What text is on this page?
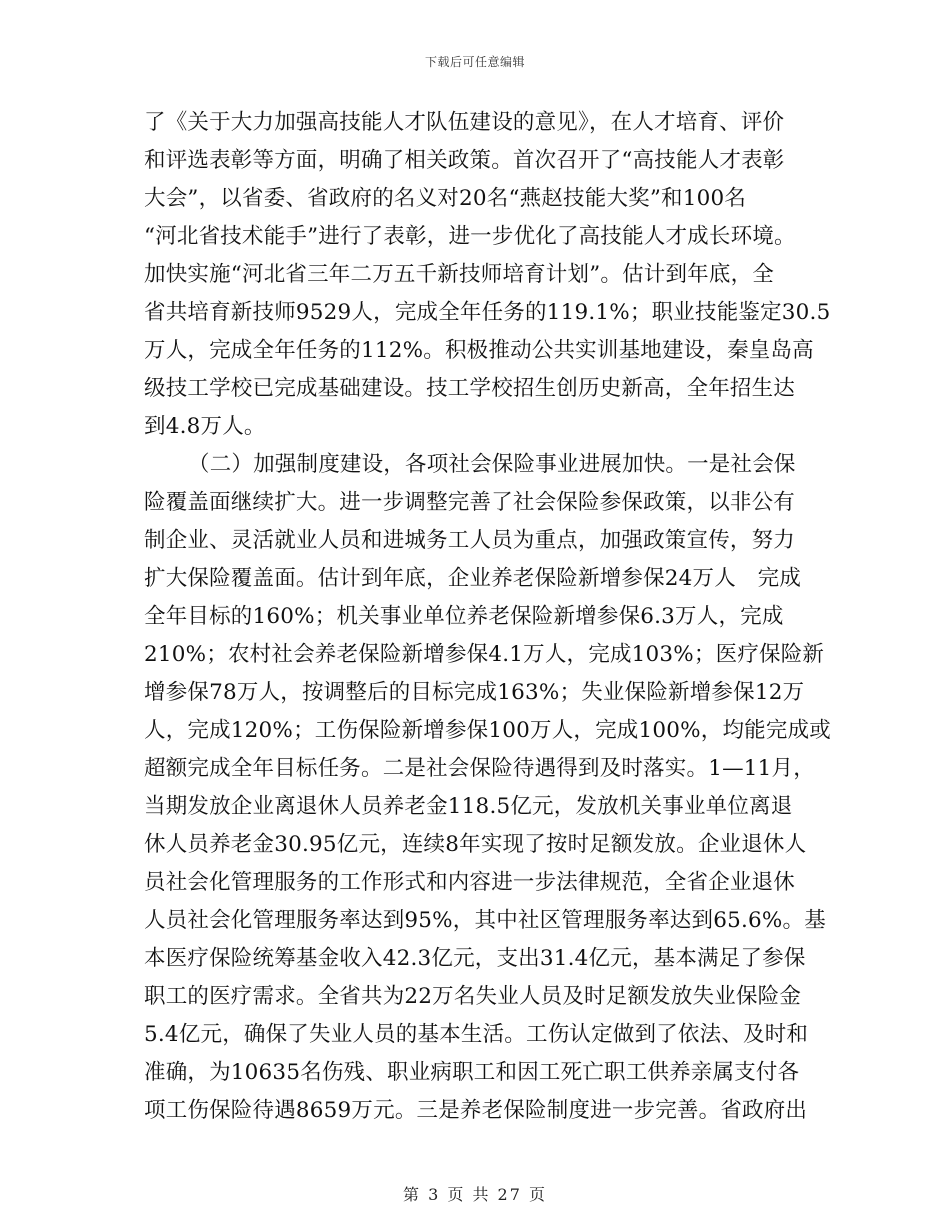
下载后可任意编辑
了《关于大力加强高技能人才队伍建设的意见》，在人才培育、评价
和评选表彰等方面，明确了相关政策。首次召开了“高技能人才表彰
大会”，以省委、省政府的名义对20名“燕赵技能大奖”和100名
“河北省技术能手”进行了表彰，进一步优化了高技能人才成长环境。
加快实施“河北省三年二万五千新技师培育计划”。估计到年底，全
省共培育新技师9529人，完成全年任务的119.1%；职业技能鉴定30.5
万人，完成全年任务的112%。积极推动公共实训基地建设，秦皇岛高
级技工学校已完成基础建设。技工学校招生创历史新高，全年招生达
到4.8万人。
（二）加强制度建设，各项社会保险事业进展加快。一是社会保
险覆盖面继续扩大。进一步调整完善了社会保险参保政策，以非公有
制企业、灵活就业人员和进城务工人员为重点，加强政策宣传，努力
扩大保险覆盖面。估计到年底，企业养老保险新增参保24万人　完成
全年目标的160%；机关事业单位养老保险新增参保6.3万人，完成
210%；农村社会养老保险新增参保4.1万人，完成103%；医疗保险新
增参保78万人，按调整后的目标完成163%；失业保险新增参保12万
人，完成120%；工伤保险新增参保100万人，完成100%，均能完成或
超额完成全年目标任务。二是社会保险待遇得到及时落实。1—11月，
当期发放企业离退休人员养老金118.5亿元，发放机关事业单位离退
休人员养老金30.95亿元，连续8年实现了按时足额发放。企业退休人
员社会化管理服务的工作形式和内容进一步法律规范，全省企业退休
人员社会化管理服务率达到95%，其中社区管理服务率达到65.6%。基
本医疗保险统筹基金收入42.3亿元，支出31.4亿元，基本满足了参保
职工的医疗需求。全省共为22万名失业人员及时足额发放失业保险金
5.4亿元，确保了失业人员的基本生活。工伤认定做到了依法、及时和
准确，为10635名伤残、职业病职工和因工死亡职工供养亲属支付各
项工伤保险待遇8659万元。三是养老保险制度进一步完善。省政府出
第 3 页 共 27 页
